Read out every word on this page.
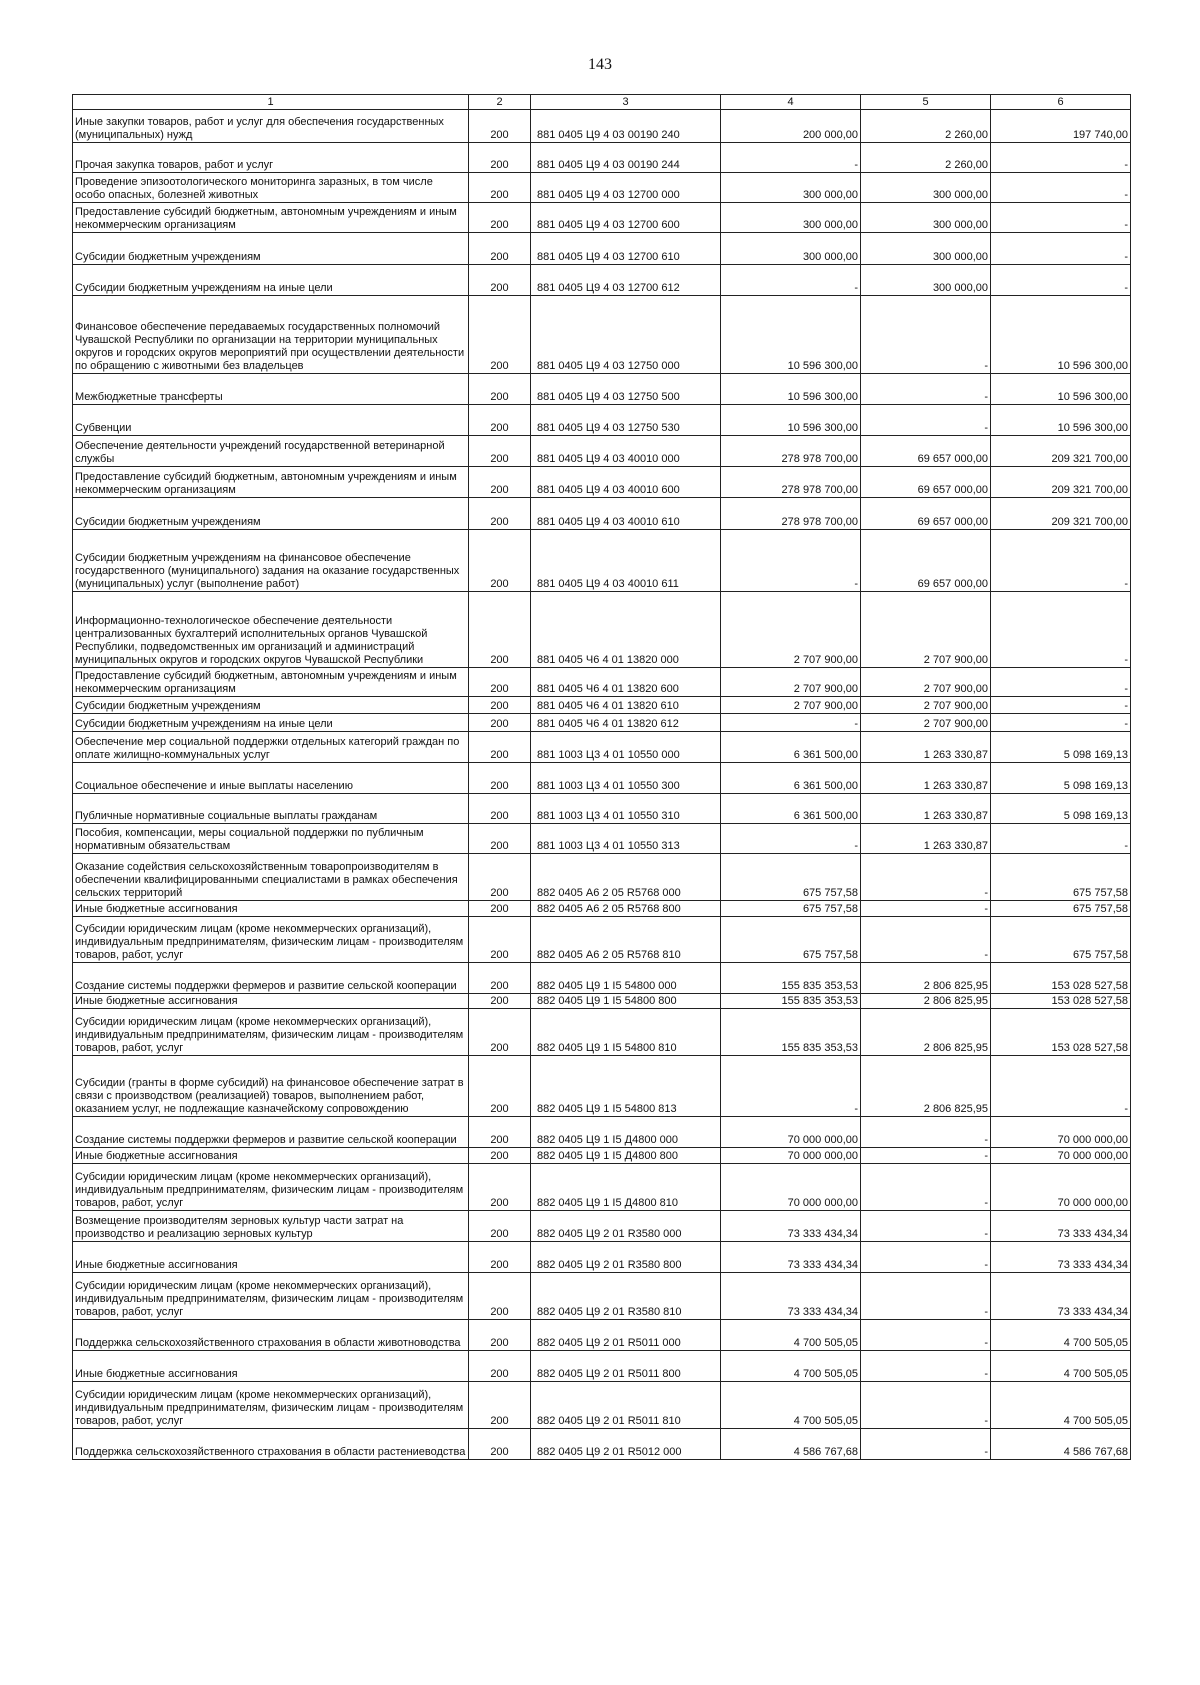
143
1	2	3	4	5	6
Иные закупки товаров, работ и услуг для обеспечения государственных (муниципальных) нужд	200	881 0405 Ц9 4 03 00190 240	200 000,00	2 260,00	197 740,00
Прочая закупка товаров, работ и услуг	200	881 0405 Ц9 4 03 00190 244	-	2 260,00	-
Проведение эпизоотологического мониторинга заразных, в том числе особо опасных, болезней животных	200	881 0405 Ц9 4 03 12700 000	300 000,00	300 000,00	-
Предоставление субсидий бюджетным, автономным учреждениям и иным некоммерческим организациям	200	881 0405 Ц9 4 03 12700 600	300 000,00	300 000,00	-
Субсидии бюджетным учреждениям	200	881 0405 Ц9 4 03 12700 610	300 000,00	300 000,00	-
Субсидии бюджетным учреждениям на иные цели	200	881 0405 Ц9 4 03 12700 612	-	300 000,00	-
Финансовое обеспечение передаваемых государственных полномочий Чувашской Республики по организации на территории муниципальных округов и городских округов мероприятий при осуществлении деятельности по обращению с животными без владельцев	200	881 0405 Ц9 4 03 12750 000	10 596 300,00	-	10 596 300,00
Межбюджетные трансферты	200	881 0405 Ц9 4 03 12750 500	10 596 300,00	-	10 596 300,00
Субвенции	200	881 0405 Ц9 4 03 12750 530	10 596 300,00	-	10 596 300,00
Обеспечение деятельности учреждений государственной ветеринарной службы	200	881 0405 Ц9 4 03 40010 000	278 978 700,00	69 657 000,00	209 321 700,00
Предоставление субсидий бюджетным, автономным учреждениям и иным некоммерческим организациям	200	881 0405 Ц9 4 03 40010 600	278 978 700,00	69 657 000,00	209 321 700,00
Субсидии бюджетным учреждениям	200	881 0405 Ц9 4 03 40010 610	278 978 700,00	69 657 000,00	209 321 700,00
Субсидии бюджетным учреждениям на финансовое обеспечение государственного (муниципального) задания на оказание государственных (муниципальных) услуг (выполнение работ)	200	881 0405 Ц9 4 03 40010 611	-	69 657 000,00	-
Информационно-технологическое обеспечение деятельности централизованных бухгалтерий исполнительных органов Чувашской Республики, подведомственных им организаций и администраций муниципальных округов и городских округов Чувашской Республики	200	881 0405 Ч6 4 01 13820 000	2 707 900,00	2 707 900,00	-
Предоставление субсидий бюджетным, автономным учреждениям и иным некоммерческим организациям	200	881 0405 Ч6 4 01 13820 600	2 707 900,00	2 707 900,00	-
Субсидии бюджетным учреждениям	200	881 0405 Ч6 4 01 13820 610	2 707 900,00	2 707 900,00	-
Субсидии бюджетным учреждениям на иные цели	200	881 0405 Ч6 4 01 13820 612	-	2 707 900,00	-
Обеспечение мер социальной поддержки отдельных категорий граждан по оплате жилищно-коммунальных услуг	200	881 1003 Ц3 4 01 10550 000	6 361 500,00	1 263 330,87	5 098 169,13
Социальное обеспечение и иные выплаты населению	200	881 1003 Ц3 4 01 10550 300	6 361 500,00	1 263 330,87	5 098 169,13
Публичные нормативные социальные выплаты гражданам	200	881 1003 Ц3 4 01 10550 310	6 361 500,00	1 263 330,87	5 098 169,13
Пособия, компенсации, меры социальной поддержки по публичным нормативным обязательствам	200	881 1003 Ц3 4 01 10550 313	-	1 263 330,87	-
Оказание содействия сельскохозяйственным товаропроизводителям в обеспечении квалифицированными специалистами в рамках обеспечения сельских территорий	200	882 0405 А6 2 05 R5768 000	675 757,58	-	675 757,58
Иные бюджетные ассигнования	200	882 0405 А6 2 05 R5768 800	675 757,58	-	675 757,58
Субсидии юридическим лицам (кроме некоммерческих организаций), индивидуальным предпринимателям, физическим лицам - производителям товаров, работ, услуг	200	882 0405 А6 2 05 R5768 810	675 757,58	-	675 757,58
Создание системы поддержки фермеров и развитие сельской кооперации	200	882 0405 Ц9 1 I5 54800 000	155 835 353,53	2 806 825,95	153 028 527,58
Иные бюджетные ассигнования	200	882 0405 Ц9 1 I5 54800 800	155 835 353,53	2 806 825,95	153 028 527,58
Субсидии юридическим лицам (кроме некоммерческих организаций), индивидуальным предпринимателям, физическим лицам - производителям товаров, работ, услуг	200	882 0405 Ц9 1 I5 54800 810	155 835 353,53	2 806 825,95	153 028 527,58
Субсидии (гранты в форме субсидий) на финансовое обеспечение затрат в связи с производством (реализацией) товаров, выполнением работ, оказанием услуг, не подлежащие казначейскому сопровождению	200	882 0405 Ц9 1 I5 54800 813	-	2 806 825,95	-
Создание системы поддержки фермеров и развитие сельской кооперации	200	882 0405 Ц9 1 I5 Д4800 000	70 000 000,00	-	70 000 000,00
Иные бюджетные ассигнования	200	882 0405 Ц9 1 I5 Д4800 800	70 000 000,00	-	70 000 000,00
Субсидии юридическим лицам (кроме некоммерческих организаций), индивидуальным предпринимателям, физическим лицам - производителям товаров, работ, услуг	200	882 0405 Ц9 1 I5 Д4800 810	70 000 000,00	-	70 000 000,00
Возмещение производителям зерновых культур части затрат на производство и реализацию зерновых культур	200	882 0405 Ц9 2 01 R3580 000	73 333 434,34	-	73 333 434,34
Иные бюджетные ассигнования	200	882 0405 Ц9 2 01 R3580 800	73 333 434,34	-	73 333 434,34
Субсидии юридическим лицам (кроме некоммерческих организаций), индивидуальным предпринимателям, физическим лицам - производителям товаров, работ, услуг	200	882 0405 Ц9 2 01 R3580 810	73 333 434,34	-	73 333 434,34
Поддержка сельскохозяйственного страхования в области животноводства	200	882 0405 Ц9 2 01 R5011 000	4 700 505,05	-	4 700 505,05
Иные бюджетные ассигнования	200	882 0405 Ц9 2 01 R5011 800	4 700 505,05	-	4 700 505,05
Субсидии юридическим лицам (кроме некоммерческих организаций), индивидуальным предпринимателям, физическим лицам - производителям товаров, работ, услуг	200	882 0405 Ц9 2 01 R5011 810	4 700 505,05	-	4 700 505,05
Поддержка сельскохозяйственного страхования в области растениеводства	200	882 0405 Ц9 2 01 R5012 000	4 586 767,68	-	4 586 767,68
